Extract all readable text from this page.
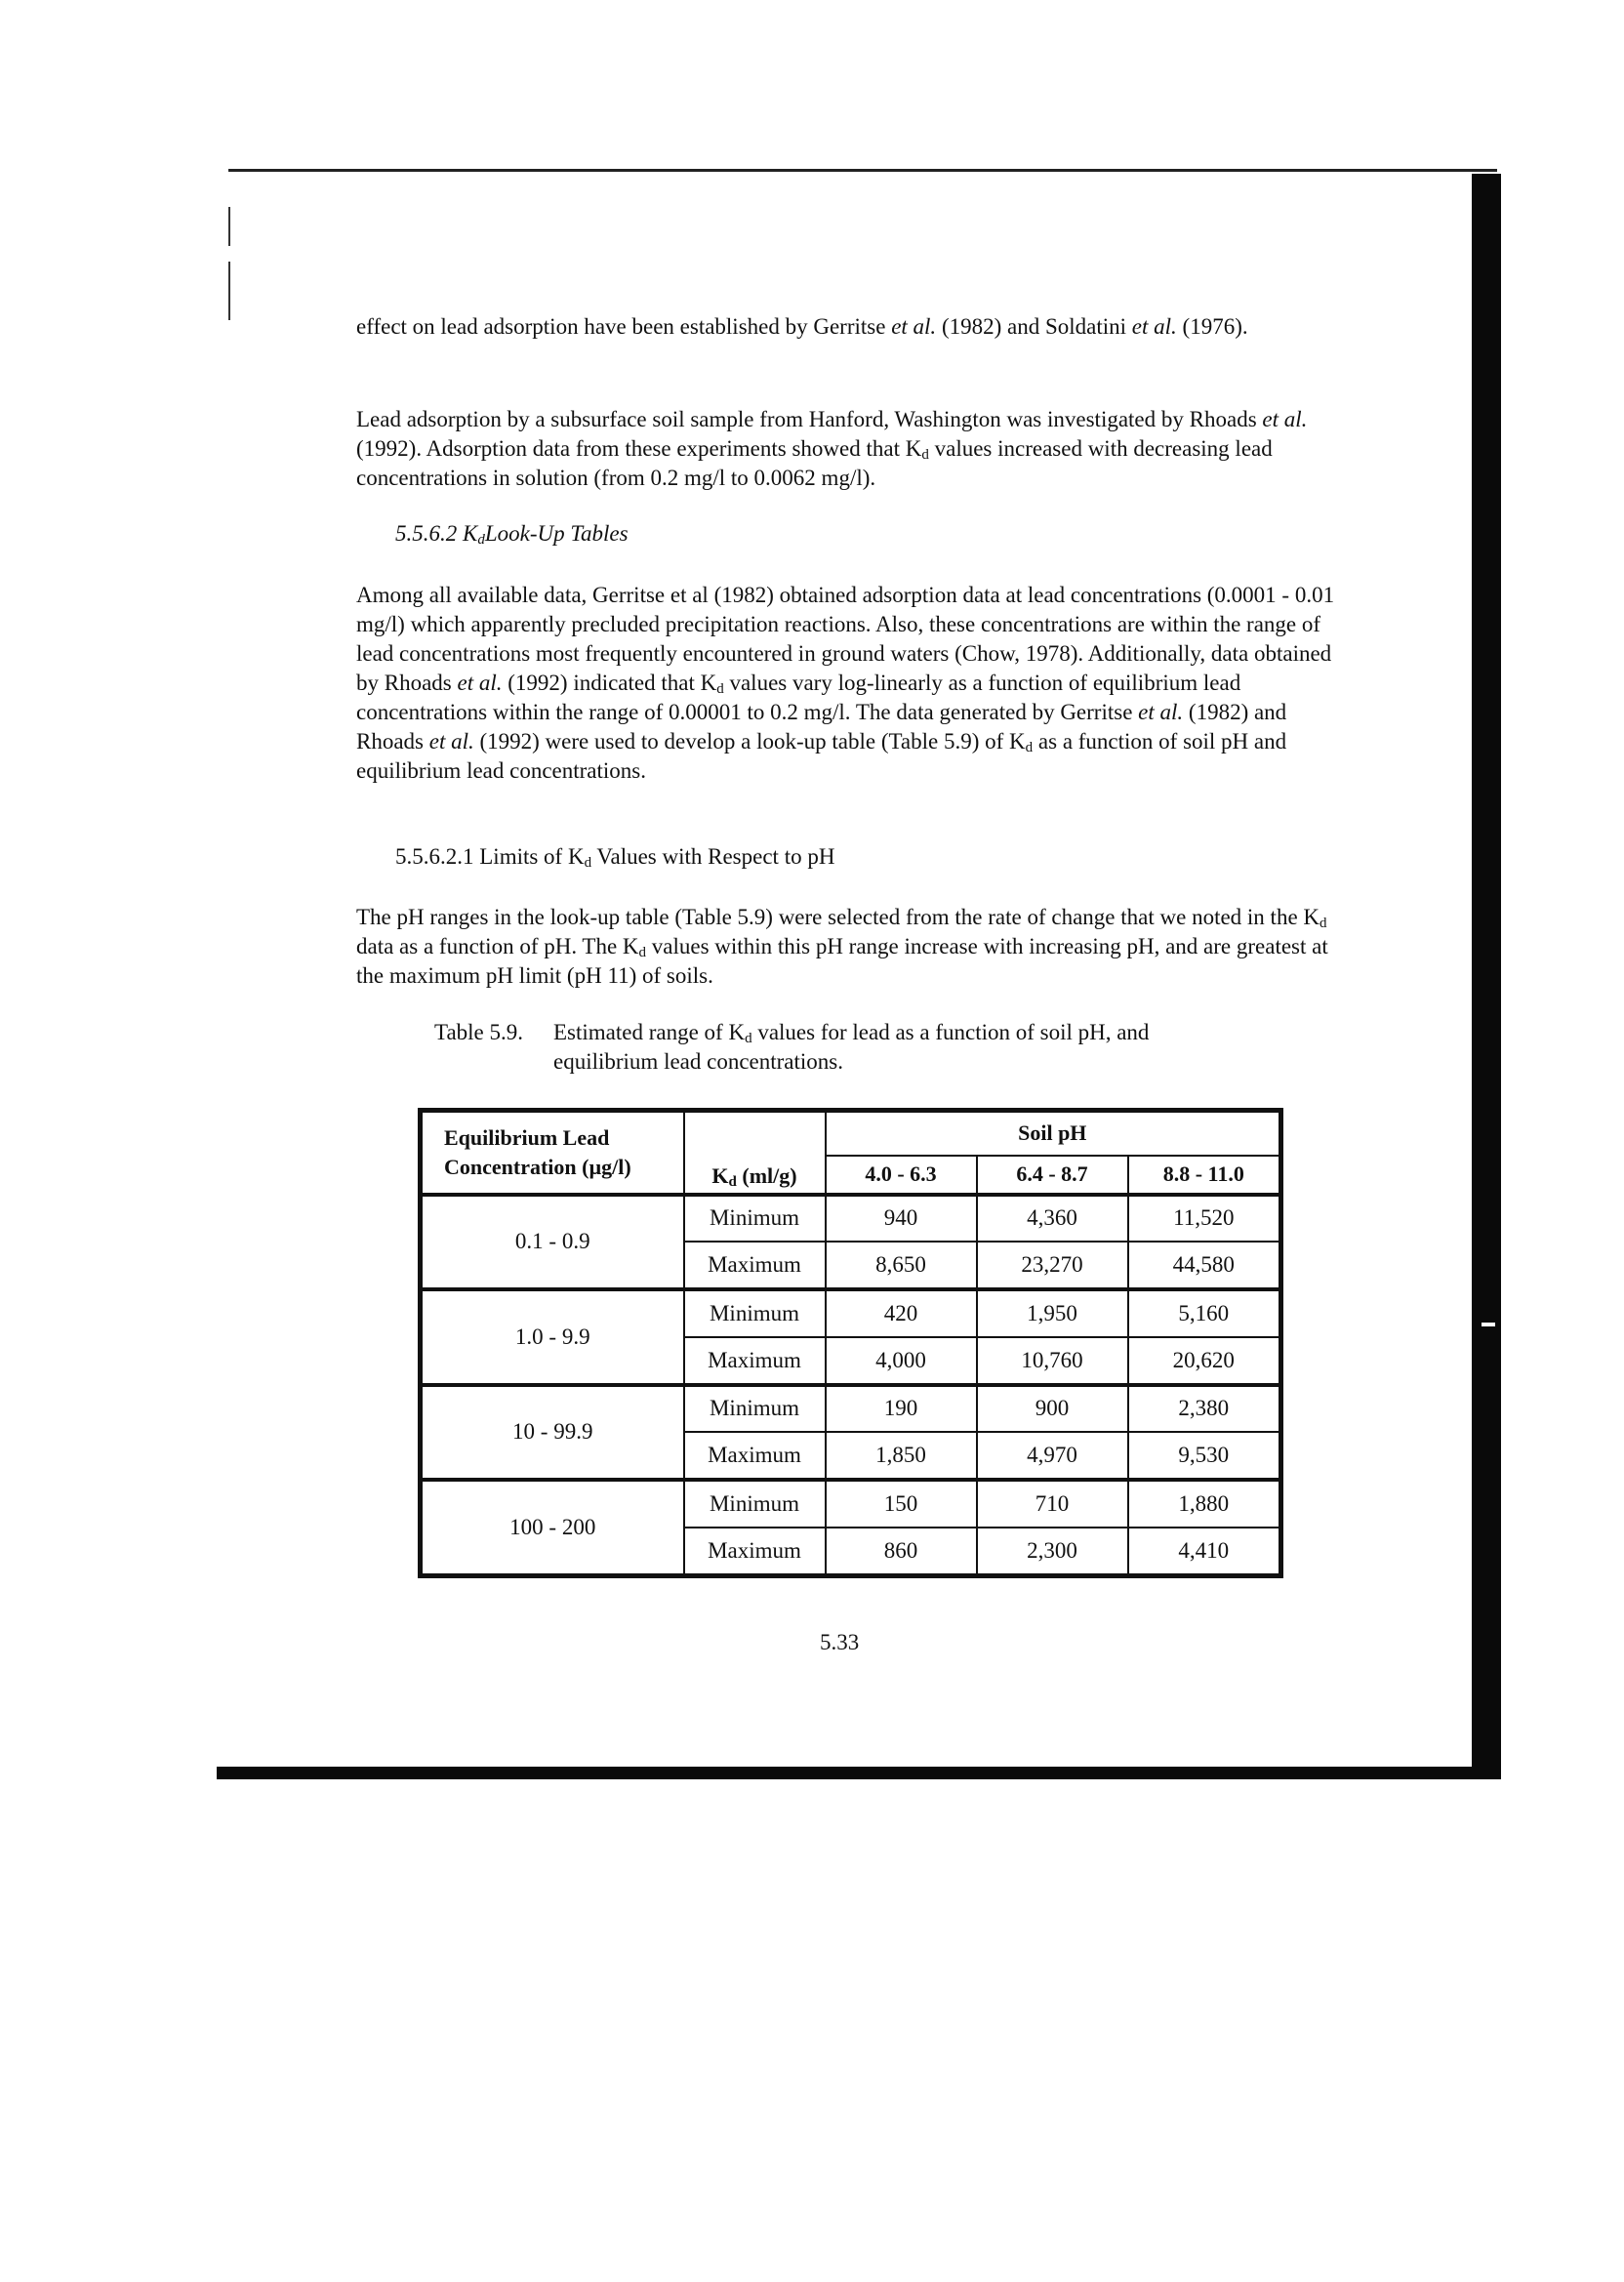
effect on lead adsorption have been established by Gerritse et al. (1982) and Soldatini et al. (1976).

Lead adsorption by a subsurface soil sample from Hanford, Washington was investigated by Rhoads et al. (1992). Adsorption data from these experiments showed that $K_d$ values increased with decreasing lead concentrations in solution (from 0.2 mg/l to 0.0062 mg/l).

5.5.6.2 $K_dLook-Up$ Tables

Among all available data, Gerritse et al (1982) obtained adsorption data at lead concentrations (0.0001 - 0.01 mg/l) which apparently precluded precipitation reactions. Also, these concentrations are within the range of lead concentrations most frequently encountered in ground waters (Chow, 1978). Additionally, data obtained by Rhoads et al. (1992) indicated that $K_d$ values vary log-linearly as a function of equilibrium lead concentrations within the range of 0.00001 to 0.2 mg/l. The data generated by Gerritse et al. (1982) and Rhoads et al. (1992) were used to develop a look-up table (Table 5.9) of $K_d$ as a function of soil pH and equilibrium lead concentrations.

5.5.6.2.1 Limits of $K_d$ Values with Respect to pH

The pH ranges in the look-up table (Table 5.9) were selected from the rate of change that we noted in the $K_d$ data as a function of pH. The $K_d$ values within this pH range increase with increasing pH, and are greatest at the maximum pH limit (pH 11) of soils.

Table 5.9. Estimated range of $K_d$ values for lead as a function of soil pH, and
equilibrium lead concentrations.
Equilibrium Lead
Concentration (µg/l)	$K_d$ (ml/g)	Soil pH		
		4.0 - 6.3	6.4 - 8.7	8.8 - 11.0
0.1 - 0.9	Minimum	940	4,360	11,520
	Maximum	8,650	23,270	44,580
1.0 - 9.9	Minimum	420	1,950	5,160
	Maximum	4,000	10,760	20,620
10 - 99.9	Minimum	190	900	2,380
	Maximum	1,850	4,970	9,530
100 - 200	Minimum	150	710	1,880
	Maximum	860	2,300	4,410
5.33
